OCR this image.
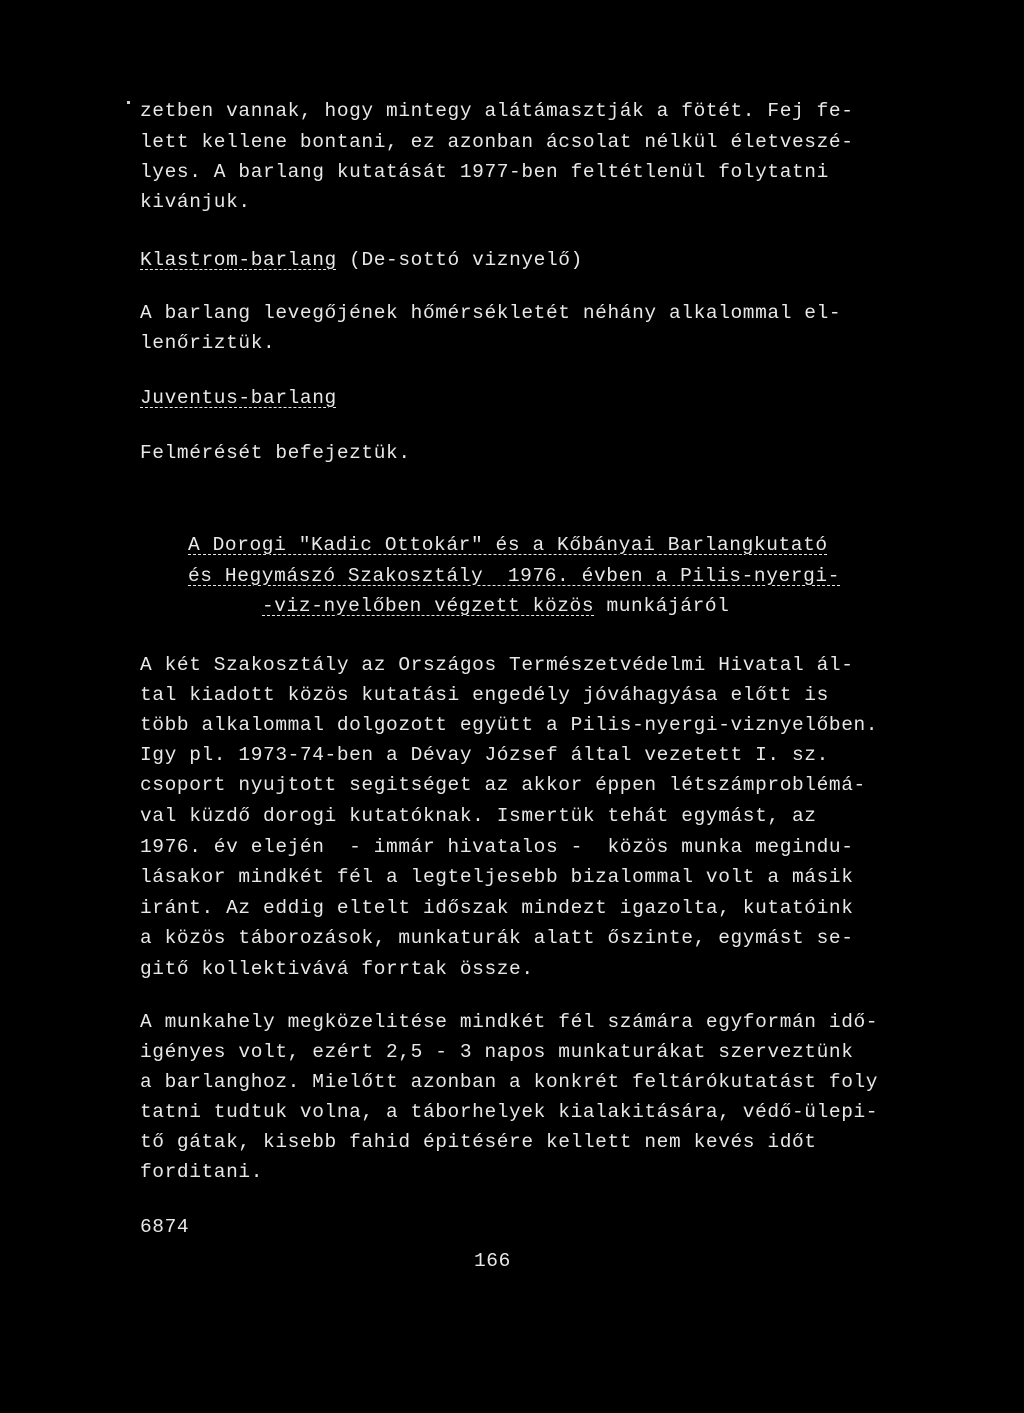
zetben vannak, hogy mintegy alátámasztják a fötét. Fej fe-
lett kellene bontani, ez azonban ácsolat nélkül életveszé-
lyes. A barlang kutatását 1977-ben feltétlenül folytatni
kivánjuk.
Klastrom-barlang (De-sottó viznyelő)
A barlang levegőjének hőmérsékletét néhány alkalommal el-
lenőriztük.
Juventus-barlang
Felmérését befejeztük.
A Dorogi "Kadic Ottokár" és a Kőbányai Barlangkutató
és Hegymászó Szakosztály  1976. évben a Pilis-nyergi-
-viz-nyelőben végzett közös munkájáról
A két Szakosztály az Országos Természetvédelmi Hivatal ál-
tal kiadott közös kutatási engedély jóváhagyása előtt is
több alkalommal dolgozott együtt a Pilis-nyergi-viznyelőben.
Igy pl. 1973-74-ben a Dévay József által vezetett I. sz.
csoport nyujtott segitséget az akkor éppen létszámproblémá-
val küzdő dorogi kutatóknak. Ismertük tehát egymást, az
1976. év elején  - immár hivatalos -  közös munka megindu-
lásakor mindkét fél a legteljesebb bizalommal volt a másik
iránt. Az eddig eltelt időszak mindezt igazolta, kutatóink
a közös táborozások, munkaturák alatt őszinte, egymást se-
gitő kollektivává forrtak össze.
A munkahely megközelitése mindkét fél számára egyformán idő-
igényes volt, ezért 2,5 - 3 napos munkaturákat szerveztünk
a barlanghoz. Mielőtt azonban a konkrét feltárókutatást foly
tatni tudtuk volna, a táborhelyek kialakitására, védő-ülepi-
tő gátak, kisebb fahid épitésére kellett nem kevés időt
forditani.
6874
166
